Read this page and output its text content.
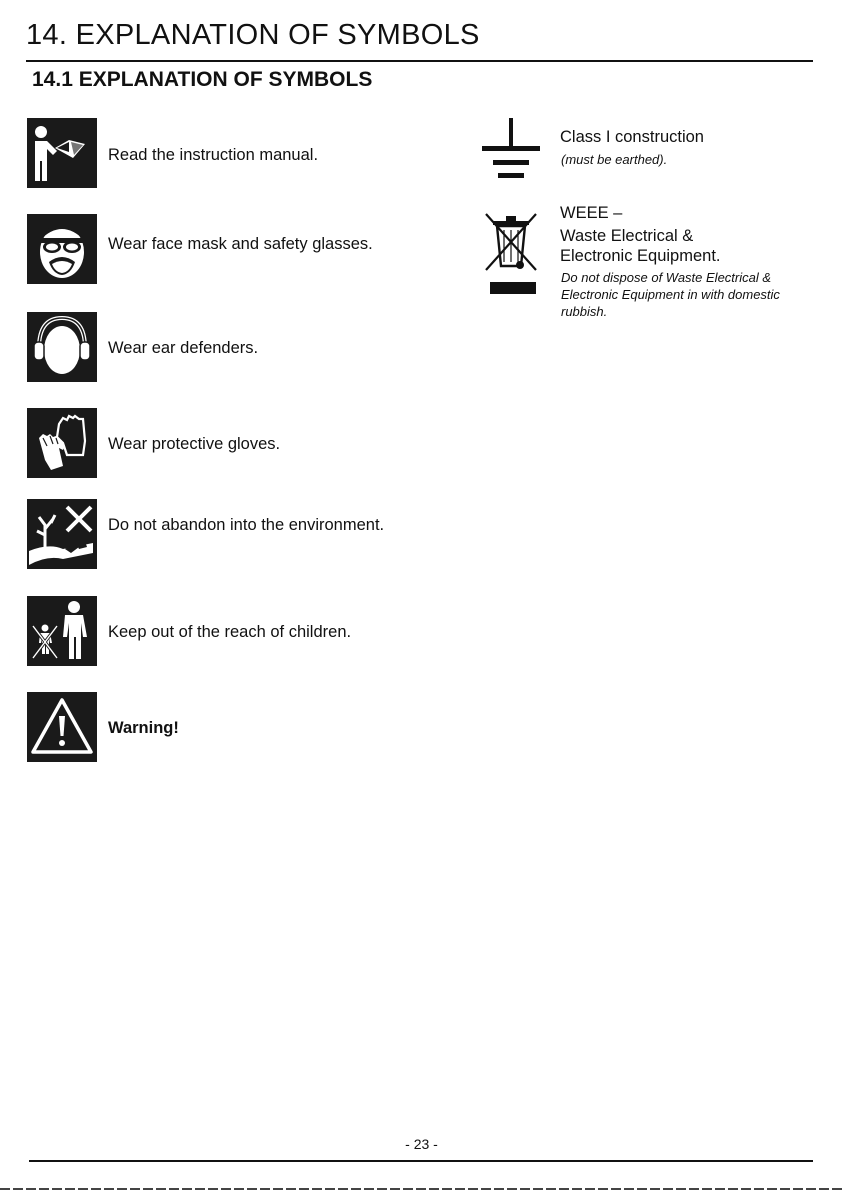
14. EXPLANATION OF SYMBOLS
14.1 EXPLANATION OF SYMBOLS
Read the instruction manual.
Wear face mask and safety glasses.
Wear ear defenders.
Wear protective gloves.
Do not abandon into the environment.
Keep out of the reach of children.
Warning!
Class I construction
(must be earthed).
WEEE –
Waste Electrical &
Electronic Equipment.
Do not dispose of Waste Electrical & Electronic Equipment in with domestic rubbish.
- 23 -
